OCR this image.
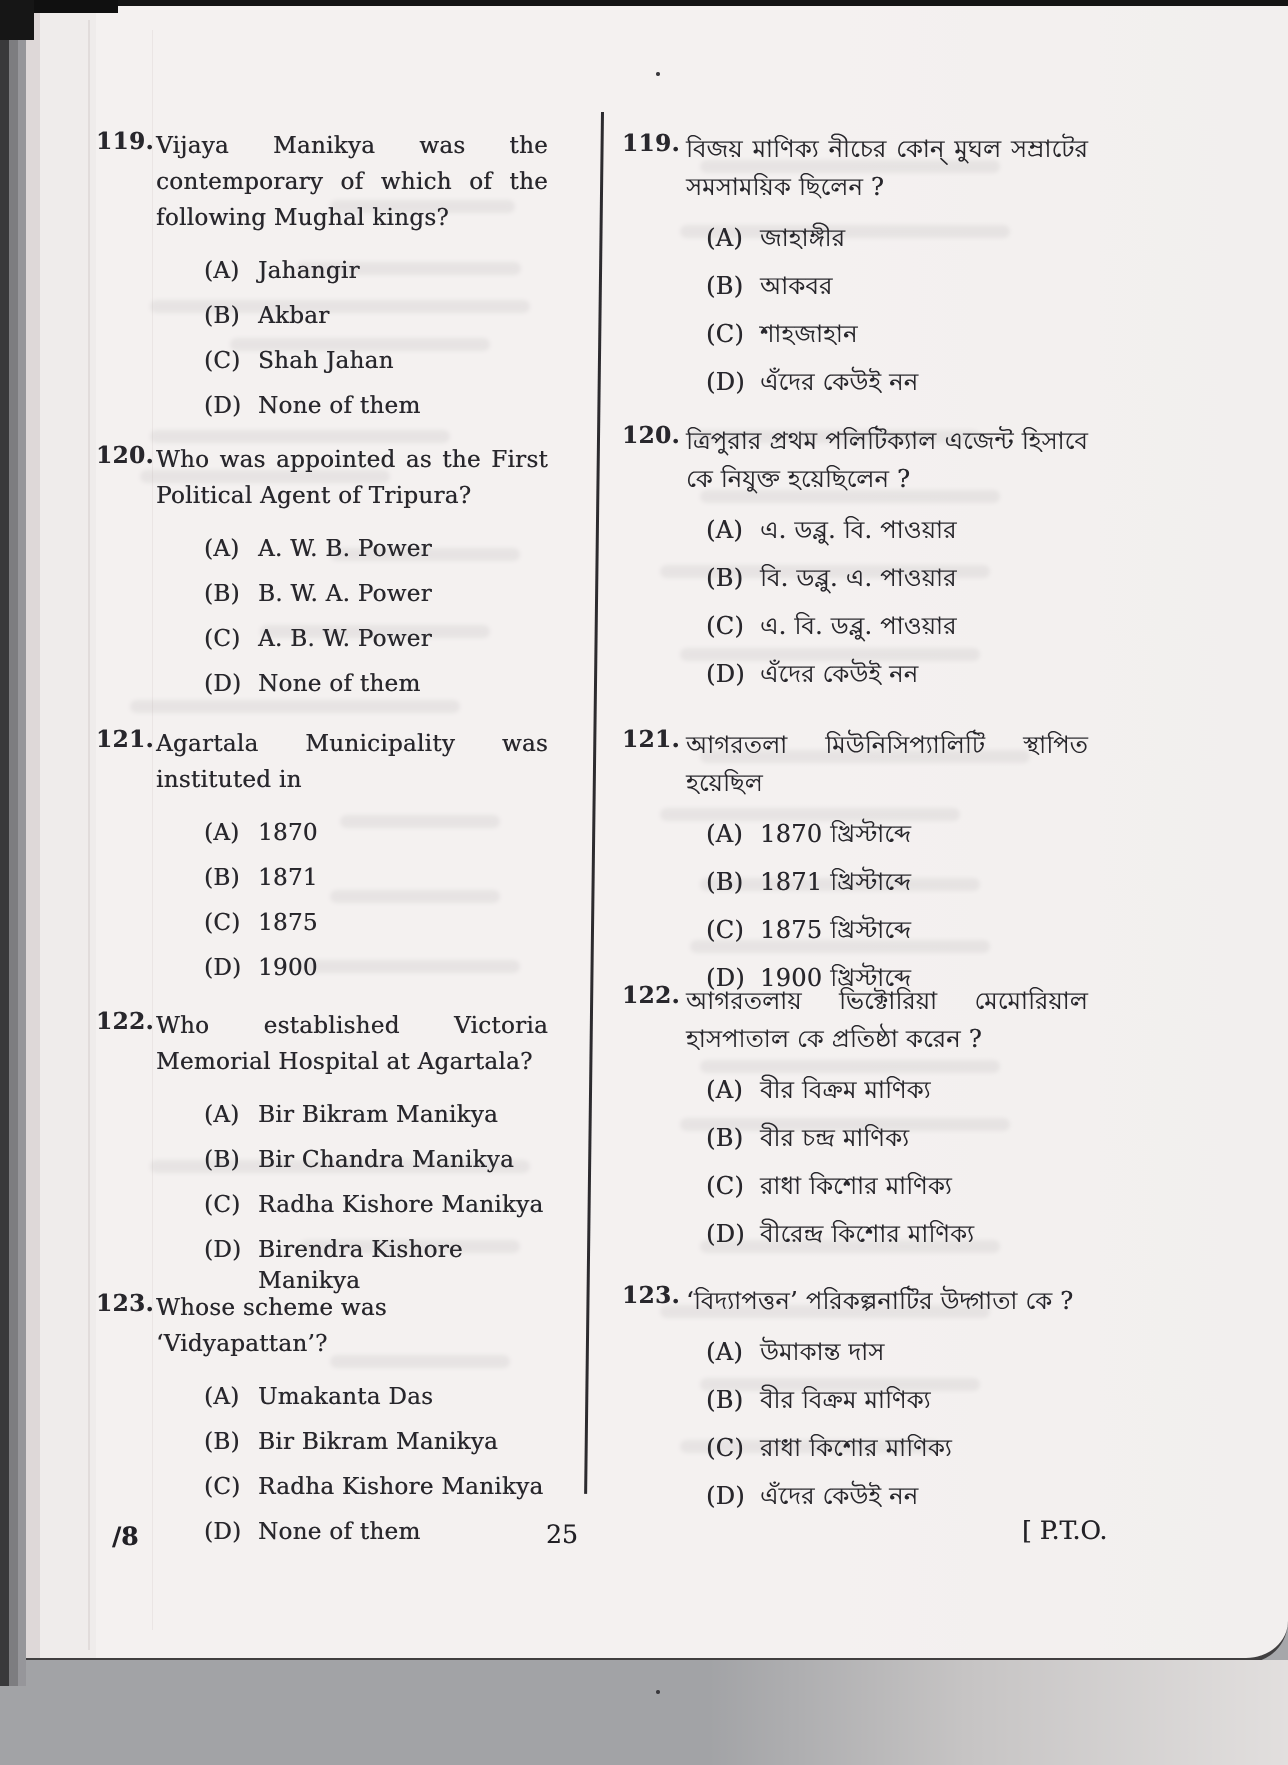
119. Vijaya Manikya was the contemporary of which of the following Mughal kings?

(A) Jahangir
(B) Akbar
(C) Shah Jahan
(D) None of them
120. Who was appointed as the First Political Agent of Tripura?

(A) A. W. B. Power
(B) B. W. A. Power
(C) A. B. W. Power
(D) None of them
121. Agartala Municipality was instituted in

(A) 1870
(B) 1871
(C) 1875
(D) 1900
122. Who established Victoria Memorial Hospital at Agartala?

(A) Bir Bikram Manikya
(B) Bir Chandra Manikya
(C) Radha Kishore Manikya
(D) Birendra Kishore Manikya
123. Whose scheme was ‘Vidyapattan’?

(A) Umakanta Das
(B) Bir Bikram Manikya
(C) Radha Kishore Manikya
(D) None of them
119. বিজয় মাণিক্য নীচের কোন্ মুঘল সম্রাটের সমসাময়িক ছিলেন ?

(A) জাহাঙ্গীর
(B) আকবর
(C) শাহজাহান
(D) এঁদের কেউই নন
120. ত্রিপুরার প্রথম পলিটিক্যাল এজেন্ট হিসাবে কে নিযুক্ত হয়েছিলেন ?

(A) এ. ডব্লু. বি. পাওয়ার
(B) বি. ডব্লু. এ. পাওয়ার
(C) এ. বি. ডব্লু. পাওয়ার
(D) এঁদের কেউই নন
121. আগরতলা মিউনিসিপ্যালিটি স্থাপিত হয়েছিল

(A) 1870 খ্রিস্টাব্দে
(B) 1871 খ্রিস্টাব্দে
(C) 1875 খ্রিস্টাব্দে
(D) 1900 খ্রিস্টাব্দে
122. আগরতলায় ভিক্টোরিয়া মেমোরিয়াল হাসপাতাল কে প্রতিষ্ঠা করেন ?

(A) বীর বিক্রম মাণিক্য
(B) বীর চন্দ্র মাণিক্য
(C) রাধা কিশোর মাণিক্য
(D) বীরেন্দ্র কিশোর মাণিক্য
123. ‘বিদ্যাপত্তন’ পরিকল্পনাটির উদ্গাতা কে ?

(A) উমাকান্ত দাস
(B) বীর বিক্রম মাণিক্য
(C) রাধা কিশোর মাণিক্য
(D) এঁদের কেউই নন
/8	25	[ P.T.O.
